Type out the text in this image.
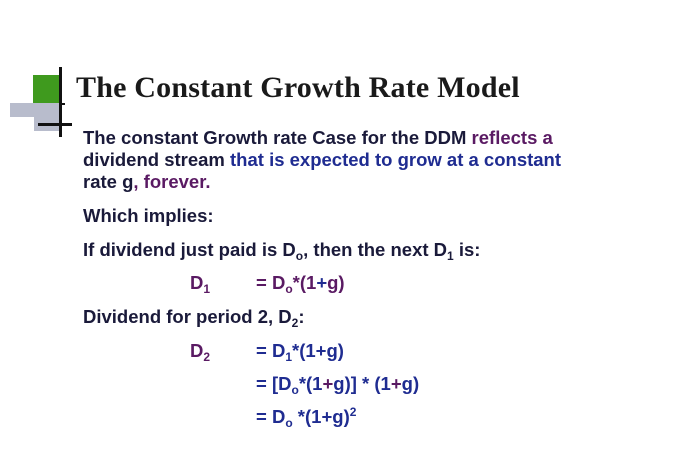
The Constant Growth Rate Model
The constant Growth rate Case for the DDM reflects a
dividend stream that is expected to grow at a constant
rate g, forever.
Which implies:
If dividend just paid is $D_o$, then the next $D_1$ is:
$D_1 = D_o*(1+g)$
Dividend for period 2, $D_2$:
$D_2 = D_1*(1+g)$
= $[D_o*(1+g)] * (1+g)$
= $D_o$ $*(1+g)^2$
